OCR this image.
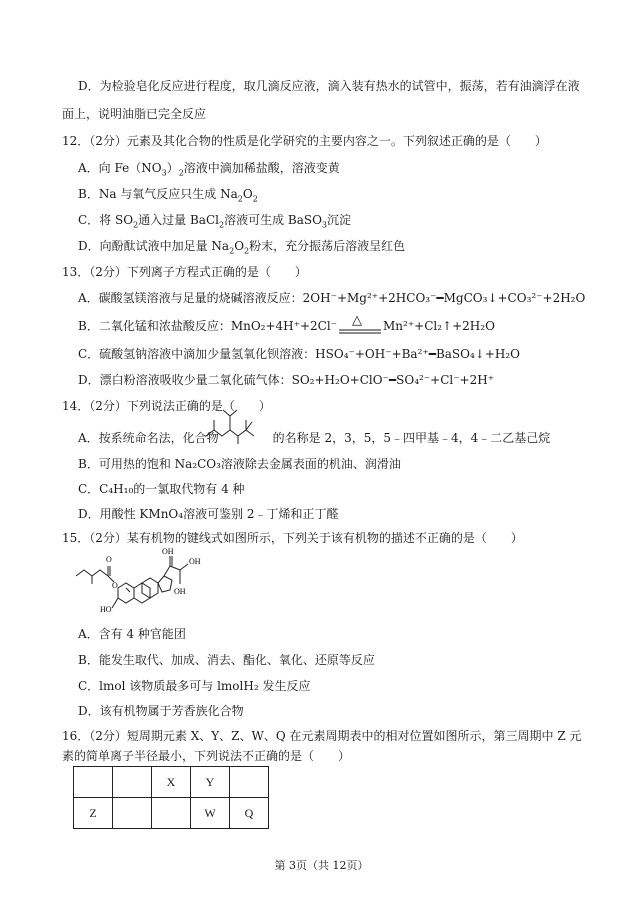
D．为检验皂化反应进行程度，取几滴反应液，滴入装有热水的试管中，振荡，若有油滴浮在液
面上，说明油脂已完全反应
12．（2分）元素及其化合物的性质是化学研究的主要内容之一。下列叙述正确的是（　　）
A．向 $Fe(NO_3)_2$溶液中滴加稀盐酸，溶液变黄
B．Na 与氧气反应只生成 $Na_2O_2$
C．将 $SO_2$通入过量 BaCl$_2$溶液可生成 BaSO$_3$沉淀
D．向酚酞试液中加足量 $Na_2O_2$粉末，充分振荡后溶液呈红色
13．（2分）下列离子方程式正确的是（　　）
A．碳酸氢镁溶液与足量的烧碱溶液反应：2OH⁻+Mg²⁺+2HCO₃⁻━MgCO₃↓+CO₃²⁻+2H₂O
B．二氧化锰和浓盐酸反应：MnO₂+4H⁺+2Cl⁻ △ Mn²⁺+Cl₂↑+2H₂O
C．硫酸氢钠溶液中滴加少量氢氧化钡溶液：HSO₄⁻+OH⁻+Ba²⁺━BaSO₄↓+H₂O
D．漂白粉溶液吸收少量二氧化硫气体：SO₂+H₂O+ClO⁻━SO₄²⁻+Cl⁻+2H⁺
14．（2分）下列说法正确的是（　　）
A．按系统命名法，化合物	的名称是 2，3，5，5﹣四甲基﹣4，4﹣二乙基己烷
B．可用热的饱和 Na₂CO₃溶液除去金属表面的机油、润滑油
C．C₄H₁₀的一氯取代物有 4 种
D．用酸性 KMnO₄溶液可鉴别 2﹣丁烯和正丁醛
15．（2分）某有机物的键线式如图所示，下列关于该有机物的描述不正确的是（　　）
O
O
HO
OH
OH
OH
A．含有 4 种官能团
B．能发生取代、加成、消去、酯化、氧化、还原等反应
C．lmol 该物质最多可与 lmolH₂ 发生反应
D．该有机物属于芳香族化合物
16．（2分）短周期元素 X、Y、Z、W、Q 在元素周期表中的相对位置如图所示，第三周期中 Z 元
素的简单离子半径最小，下列说法不正确的是（　　）
		X	Y	
Z			W	Q
第 3页（共 12页）
